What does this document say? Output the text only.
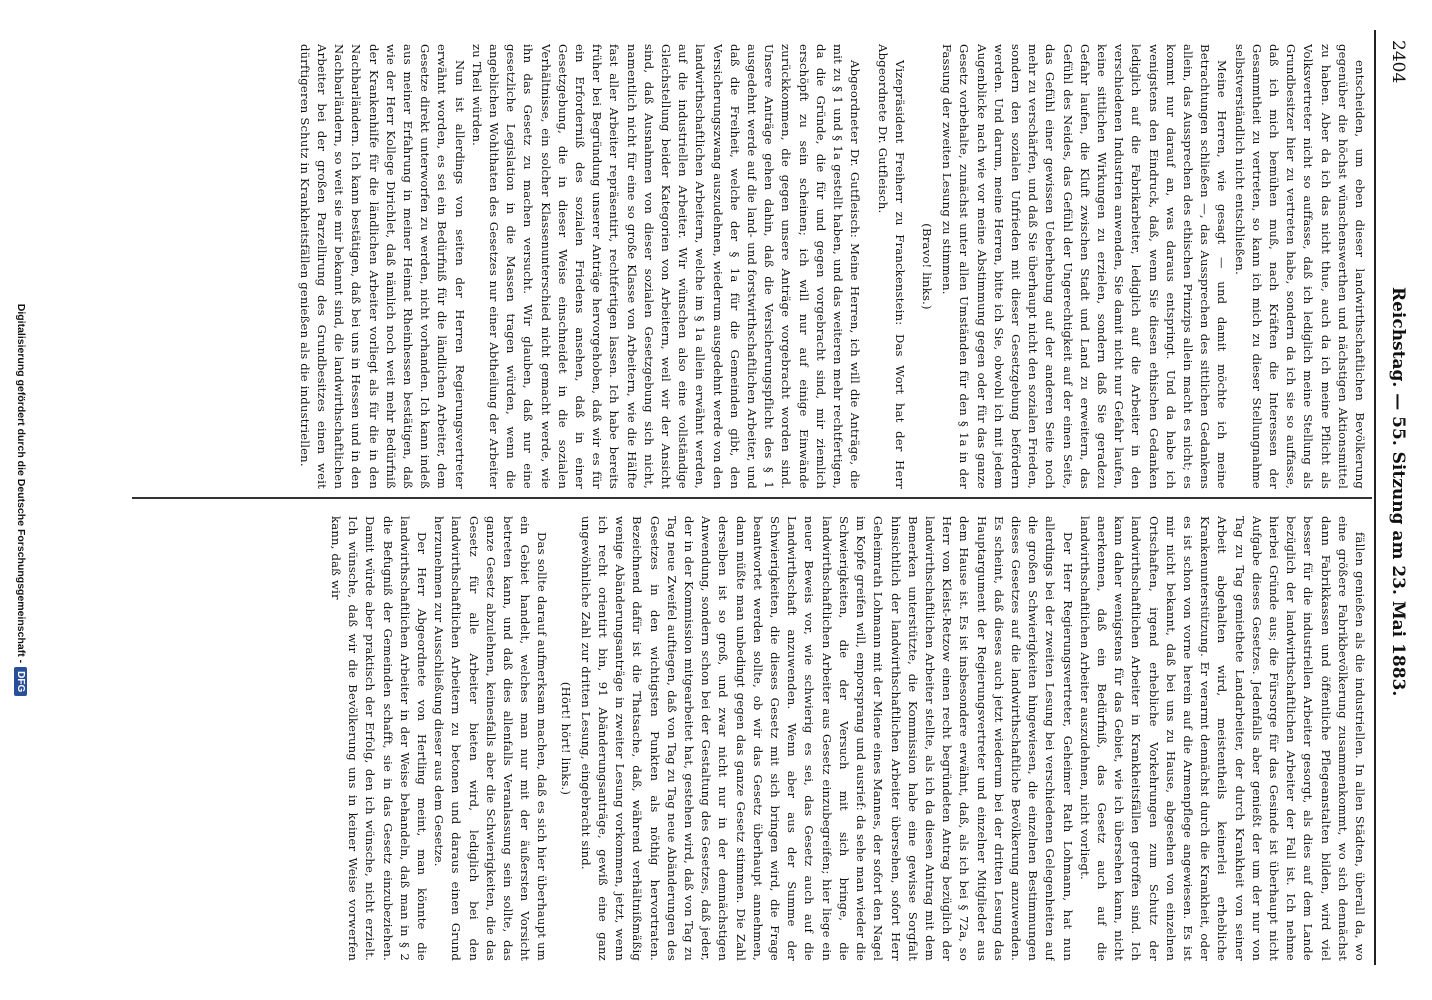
2404
Reichstag. — 55. Sitzung am 23. Mai 1883.

entscheiden, um eben dieser landwirthschaftlichen Bevölkerung gegenüber die höchst wünschenswerthen und nächstigen Aktionsmittel zu haben. Aber da ich das nicht thue, auch da ich meine Pflicht als Volksvertreter nicht so auffasse, daß ich lediglich meine Stellung als Grundbesitzer hier zu vertreten habe, sondern da ich sie so auffasse, daß ich mich bemühen muß, nach Kräften die Interessen der Gesammtheit zu vertreten, so kann ich mich zu dieser Stellungnahme selbstverständlich nicht entschließen.

Meine Herren, wie gesagt — und damit möchte ich meine Betrachtungen schließen —, das Aussprechen des sittlichen Gedankens allein, das Aussprechen des ethischen Prinzips allein macht es nicht; es kommt nur darauf an, was daraus entspringt. Und da habe ich wenigstens den Eindruck, daß, wenn Sie diesen ethischen Gedanken lediglich auf die Fabrikarbeiter, lediglich auf die Arbeiter in den verschiedenen Industrien anwenden, Sie damit nicht nur Gefahr laufen, keine sittlichen Wirkungen zu erzielen, sondern daß Sie geradezu Gefahr laufen, die Kluft zwischen Stadt und Land zu erweitern, das Gefühl des Neides, das Gefühl der Ungerechtigkeit auf der einen Seite, das Gefühl einer gewissen Ueberhebung auf der anderen Seite noch mehr zu verschärfen, und daß Sie überhaupt nicht den sozialen Frieden, sondern den sozialen Unfrieden mit dieser Gesetzgebung befördern werden. Und darum, meine Herren, bitte ich Sie, obwohl ich mit jedem Augenblicke nach wie vor meine Abstimmung gegen oder für das ganze Gesetz vorbehalte, zunächst unter allen Umständen für den § 1a in der Fassung der zweiten Lesung zu stimmen.

(Bravo! links.)

Vizepräsident Freiherr zu Franckenstein: Das Wort hat der Herr Abgeordnete Dr. Gutfleisch.

Abgeordneter Dr. Gutfleisch: Meine Herren, ich will die Anträge, die mit zu § 1 und § 1a gestellt haben, und das weiteren mehr rechtfertigen, da die Gründe, die für und gegen vorgebracht sind, mir ziemlich erschöpft zu sein scheinen; ich will nur auf einige Einwände zurückkommen, die gegen unsere Anträge vorgebracht worden sind. Unsere Anträge gehen dahin, daß die Versicherungspflicht des § 1 ausgedehnt werde auf die land- und forstwirthschaftlichen Arbeiter, und daß die Freiheit, welche der § 1a für die Gemeinden gibt, den Versicherungszwang auszudehnen, wiederum ausgedehnt werde von den landwirthschaftlichen Arbeitern, welche im § 1a allein erwähnt werden, auf die industriellen Arbeiter. Wir wünschen also eine vollständige Gleichstellung beider Kategorien von Arbeitern, weil wir der Ansicht sind, daß Ausnahmen von dieser sozialen Gesetzgebung sich nicht, namentlich nicht für eine so große Klasse von Arbeitern, wie die Hälfte fast aller Arbeiter repräsentirt, rechtfertigen lassen. Ich habe bereits früher bei Begründung unserer Anträge hervorgehoben, daß wir es für ein Erforderniß des sozialen Friedens ansehen, daß in einer Gesetzgebung, die in dieser Weise einschneidet in die sozialen Verhältnisse, ein solcher Klassenunterschied nicht gemacht werde, wie ihn das Gesetz zu machen versucht. Wir glauben, daß nur eine gesetzliche Legislation in die Massen tragen würden, wenn die angeblichen Wohlthaten des Gesetzes nur einer Abtheilung der Arbeiter zu Theil würden.

Nun ist allerdings von seiten der Herren Regierungsvertreter erwähnt worden, es sei ein Bedürfniß für die ländlichen Arbeiter, dem Gesetze direkt unterworfen zu werden, nicht vorhanden. Ich kann indeß aus meiner Erfahrung in meiner Heimat Rheinhessen bestätigen, daß wie der Herr Kollege Dirichlet, daß nämlich noch weit mehr Bedürfniß der Krankenhilfe für die ländlichen Arbeiter vorliegt als für die in den Nachbarländern. Ich kann bestätigen, daß bei uns in Hessen und in den Nachbarländern, so weit sie mir bekannt sind, die landwirthschaftlichen Arbeiter bei der großen Parzellirung des Grundbesitzes einen weit dürftigeren Schutz in Krankheitsfällen genießen als die industriellen.

fällen genießen als die industriellen. In allen Städten, überall da, wo eine größere Fabrikbevölkerung zusammenkommt, wo sich dennächst dann Fabrikkassen und öffentliche Pflegeanstalten bilden, wird viel besser für die industriellen Arbeiter gesorgt, als dies auf dem Lande bezüglich der landwirthschaftlichen Arbeiter der Fall ist. Ich nehme hierbei Gründe aus; die Fürsorge für das Gesinde ist überhaupt nicht Aufgabe dieses Gesetzes. Jedenfalls aber genießt der um der nur von Tag zu Tag gemiethete Landarbeiter, der durch Krankheit von seiner Arbeit abgehalten wird, meistentheils keinerlei erhebliche Krankenunterstützung. Er verarmt dennächst durch die Krankheit, oder es ist schon von vorne herein auf die Armenpflege angewiesen. Es ist mir nicht bekannt, daß bei uns zu Hause, abgesehen von einzelnen Ortschaften, irgend erhebliche Vorkehrungen zum Schutz der landwirthschaftlichen Arbeiter in Krankheitsfällen getroffen sind. Ich kann daher wenigstens für das Gebiet, wie ich übersehen kann, nicht anerkennen, daß ein Bedürfniß, das Gesetz auch auf die landwirthschaftlichen Arbeiter auszudehnen, nicht vorliegt.

Der Herr Regierungsvertreter, Geheimer Rath Lohmann, hat nun allerdings bei der zweiten Lesung bei verschiedenen Gelegenheiten auf die großen Schwierigkeiten hingewiesen, die einzelnen Bestimmungen dieses Gesetzes auf die landwirthschaftliche Bevölkerung anzuwenden. Es scheint, daß dieses auch jetzt wiederum bei der dritten Lesung das Hauptargument der Regierungsvertreter und einzelner Mitglieder aus dem Hause ist. Es ist insbesondere erwähnt, daß, als ich bei § 72a, so Herr von Kleist-Retzow einen recht begründeten Antrag bezüglich der landwirthschaftlichen Arbeiter stellte, als ich da diesen Antrag mit dem Bemerken unterstützte, die Kommission habe eine gewisse Sorgfalt hinsichtlich der landwirthschaftlichen Arbeiter übersehen, sofort Herr Geheimrath Lohmann mit der Miene eines Mannes, der sofort den Nagel im Kopfe greifen will, emporsprang und ausrief: da sehe man wieder die Schwierigkeiten, die der Versuch mit sich bringe, die landwirthschaftlichen Arbeiter aus Gesetz einzubegreifen; hier liege ein neuer Beweis vor, wie schwierig es sei, das Gesetz auch auf die Landwirthschaft anzuwenden. Wenn aber aus der Summe der Schwierigkeiten, die dieses Gesetz mit sich bringen wird, die Frage beantwortet werden sollte, ob wir das Gesetz überhaupt annehmen, dann müßte man unbedingt gegen das ganze Gesetz stimmen. Die Zahl derselben ist so groß, und zwar nicht nur in der demnächstigen Anwendung, sondern schon bei der Gestaltung des Gesetzes, daß jeder, der in der Kommission mitgearbeitet hat, gestehen wird, daß von Tag zu Tag neue Zweifel auftiegen, daß von Tag zu Tag neue Abänderungen des Gesetzes in den wichtigsten Punkten als nöthig hervortraten. Bezeichnend dafür ist die Thatsache, daß, während verhältnißmäßig wenige Abänderungsanträge in zweiter Lesung vorkommen, jetzt, wenn ich recht orientirt bin, 91 Abänderungsanträge, gewiß eine ganz ungewöhnliche Zahl zur dritten Lesung, eingebracht sind.

(Hört! hört! links.)

Das sollte darauf aufmerksam machen, daß es sich hier überhaupt um ein Gebiet handelt, welches man nur mit der äußersten Vorsicht betreten kann, und daß dies allenfalls Veranlassung sein sollte, das ganze Gesetz abzulehnen, keinesfalls aber die Schwierigkeiten, die das Gesetz für alle Arbeiter bieten wird, lediglich bei den landwirthschaftlichen Arbeitern zu betonen und daraus einen Grund herzunehmen zur Ausschließung dieser aus dem Gesetze.

Der Herr Abgeordnete von Hertling meint, man könnte die landwirthschaftlichen Arbeiter in der Weise behandeln, daß man in § 2 die Befugniß der Gemeinden schafft, sie in das Gesetz einzubeziehen. Damit würde aber praktisch der Erfolg, den ich wünsche, nicht erzielt. Ich wünsche, daß wir die Bevölkerung uns in keiner Weise vorwerfen kann, daß wir

Digitalisierung gefördert durch die Deutsche Forschungsgemeinschaft -
DFG
